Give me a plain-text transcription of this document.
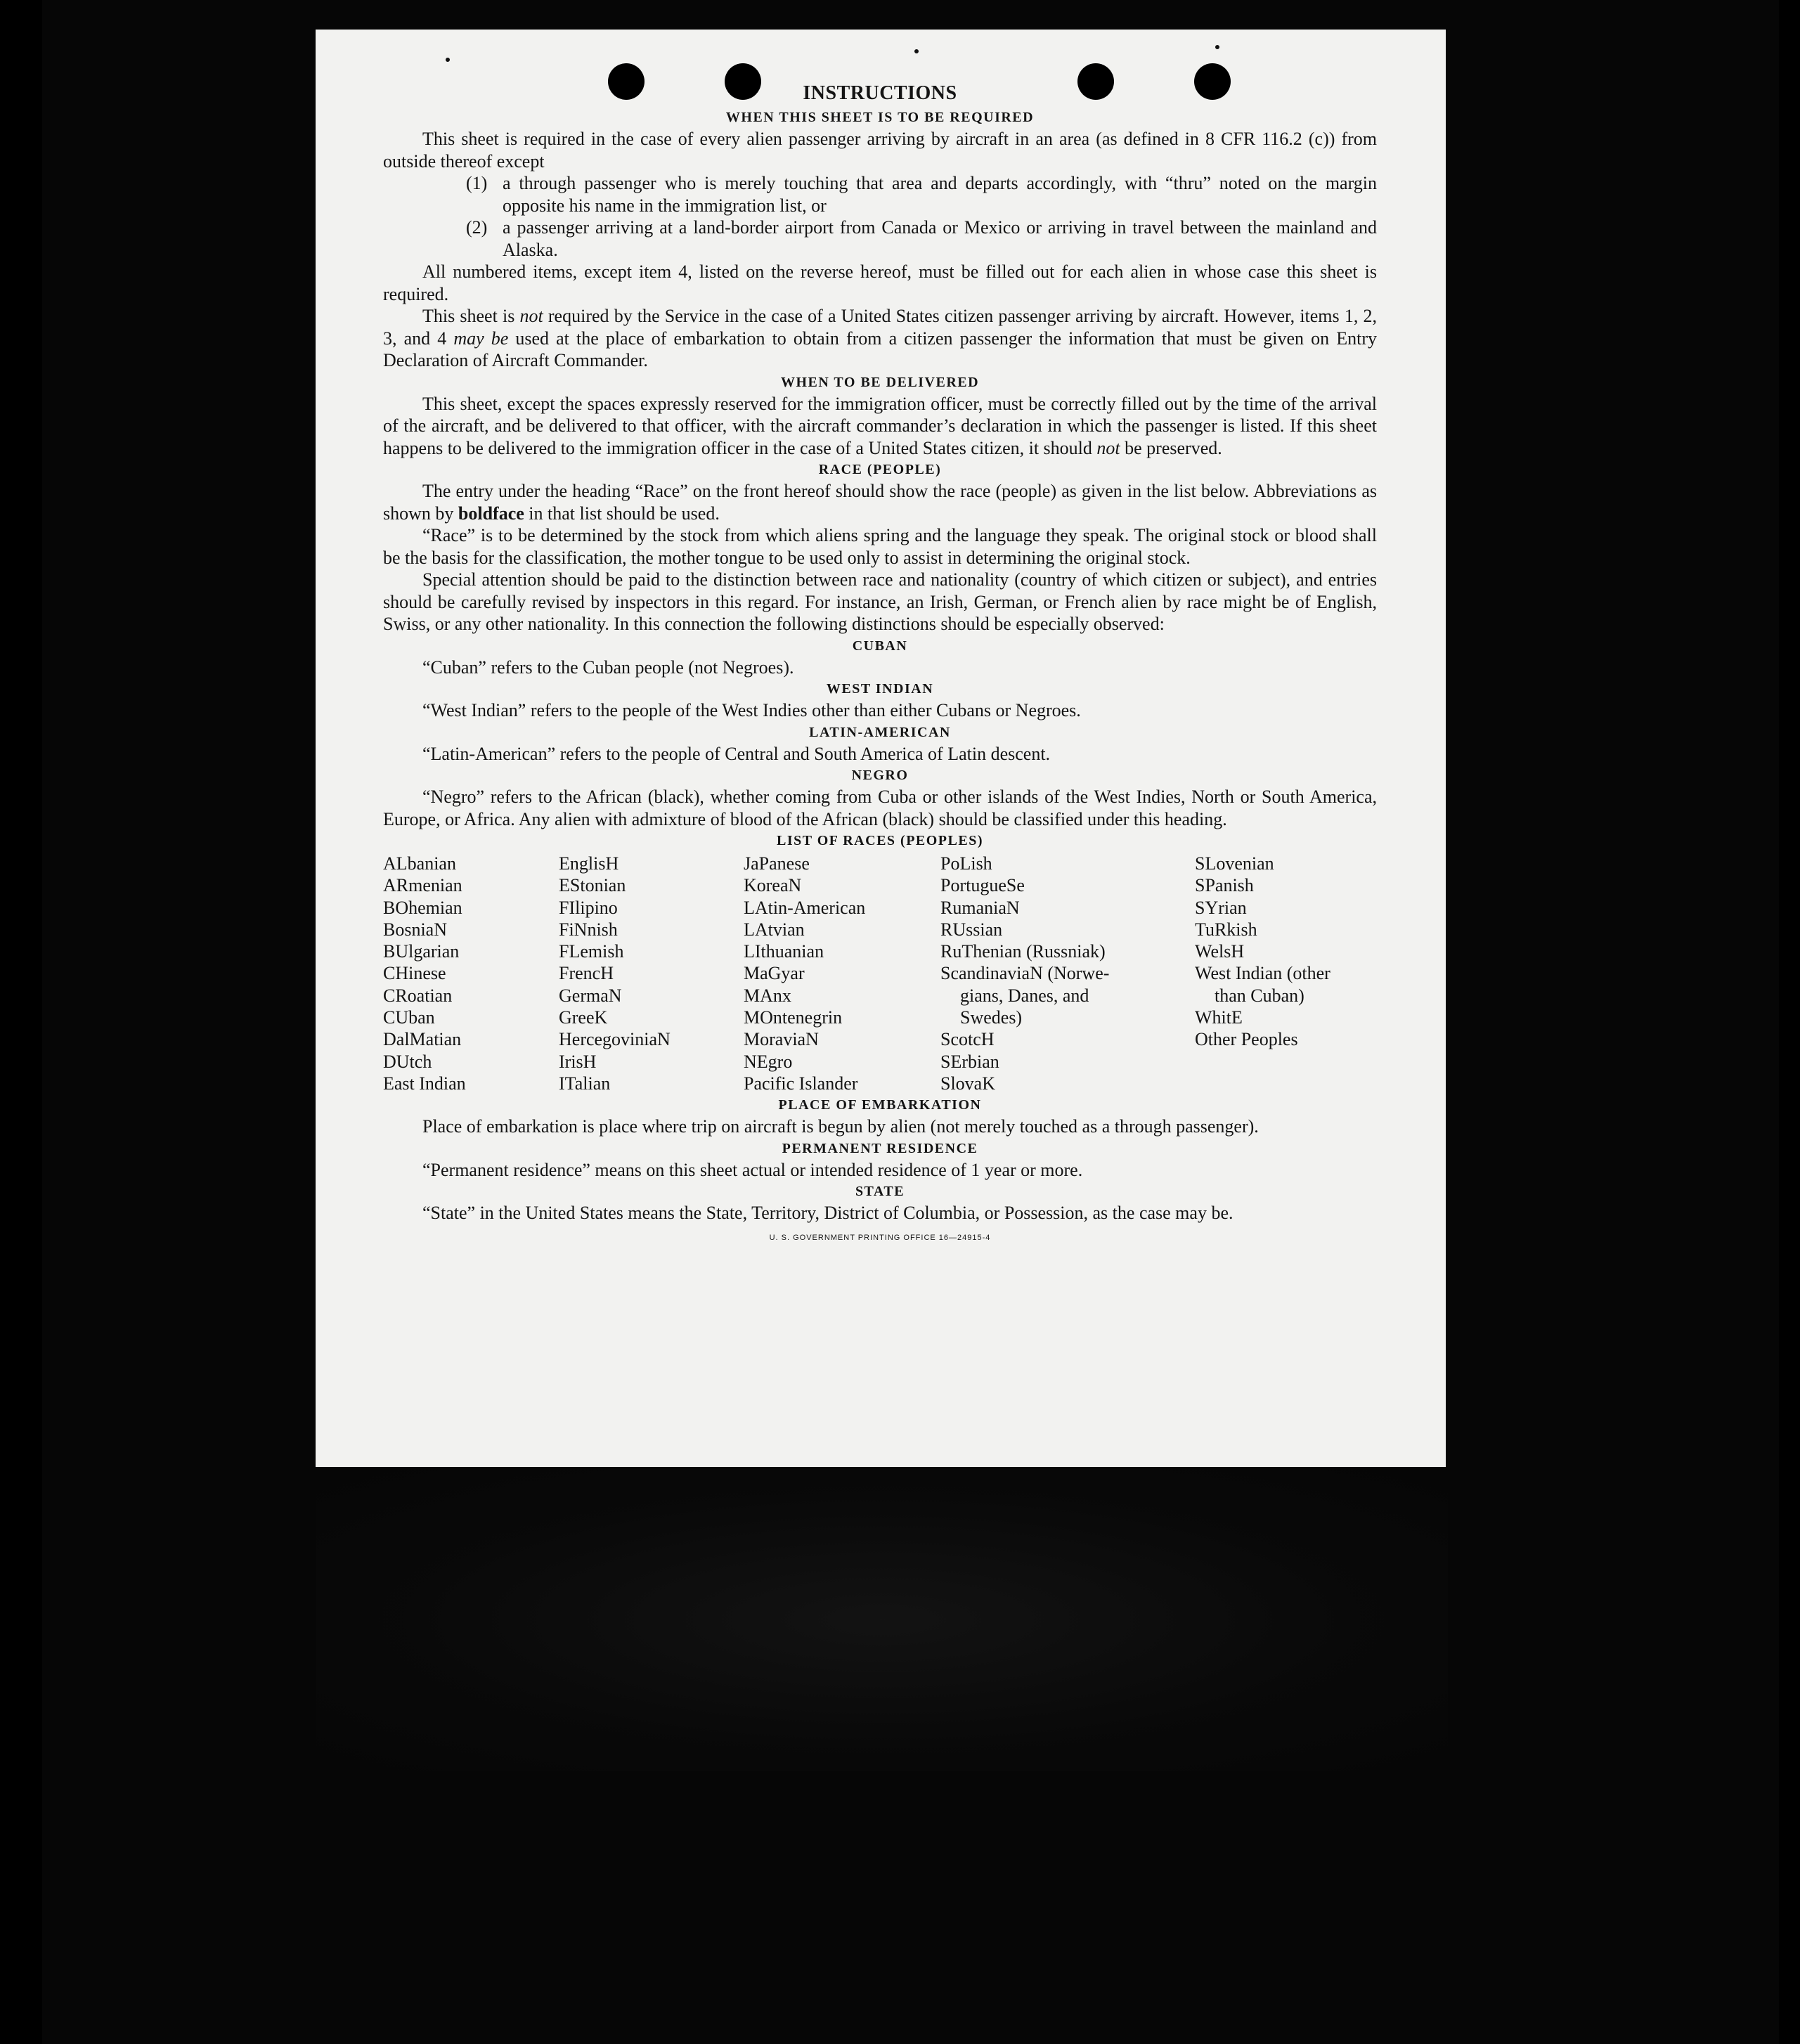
INSTRUCTIONS
WHEN THIS SHEET IS TO BE REQUIRED

This sheet is required in the case of every alien passenger arriving by aircraft in an area (as defined in 8 CFR 116.2 (c)) from outside thereof except

(1) a through passenger who is merely touching that area and departs accordingly, with “thru” noted on the margin opposite his name in the immigration list, or
(2) a passenger arriving at a land-border airport from Canada or Mexico or arriving in travel between the mainland and Alaska.

All numbered items, except item 4, listed on the reverse hereof, must be filled out for each alien in whose case this sheet is required.

This sheet is not required by the Service in the case of a United States citizen passenger arriving by aircraft. However, items 1, 2, 3, and 4 may be used at the place of embarkation to obtain from a citizen passenger the information that must be given on Entry Declaration of Aircraft Commander.

WHEN TO BE DELIVERED

This sheet, except the spaces expressly reserved for the immigration officer, must be correctly filled out by the time of the arrival of the aircraft, and be delivered to that officer, with the aircraft commander’s declaration in which the passenger is listed. If this sheet happens to be delivered to the immigration officer in the case of a United States citizen, it should not be preserved.

RACE (PEOPLE)

The entry under the heading “Race” on the front hereof should show the race (people) as given in the list below. Abbreviations as shown by boldface in that list should be used.

“Race” is to be determined by the stock from which aliens spring and the language they speak. The original stock or blood shall be the basis for the classification, the mother tongue to be used only to assist in determining the original stock.

Special attention should be paid to the distinction between race and nationality (country of which citizen or subject), and entries should be carefully revised by inspectors in this regard. For instance, an Irish, German, or French alien by race might be of English, Swiss, or any other nationality. In this connection the following distinctions should be especially observed:

CUBAN

“Cuban” refers to the Cuban people (not Negroes).

WEST INDIAN

“West Indian” refers to the people of the West Indies other than either Cubans or Negroes.

LATIN-AMERICAN

“Latin-American” refers to the people of Central and South America of Latin descent.

NEGRO

“Negro” refers to the African (black), whether coming from Cuba or other islands of the West Indies, North or South America, Europe, or Africa. Any alien with admixture of blood of the African (black) should be classified under this heading.

LIST OF RACES (PEOPLES)
ALbanian
ARmenian
BOhemian
BosniaN
BUlgarian
CHinese
CRoatian
CUban
DalMatian
DUtch
East Indian
EnglisH
EStonian
FIlipino
FiNnish
FLemish
FrencH
GermaN
GreeK
HercegovinіaN
IrisH
ITalian
JaPanese
KoreaN
LAtin-American
LAtvian
LIthuanian
MaGyar
MAnx
MOntenegrin
MoraviaN
NEgro
Pacific Islander
PoLish
PortugueSe
RumaniaN
RUssian
RuThenian (Russniak)
ScandinaviaN (Norwe-
gians, Danes, and
Swedes)
ScotcH
SErbian
SlovaK
SLovenian
SPanish
SYrian
TuRkish
WelsH
West Indian (other
than Cuban)
WhitE
Other Peoples
PLACE OF EMBARKATION

Place of embarkation is place where trip on aircraft is begun by alien (not merely touched as a through passenger).

PERMANENT RESIDENCE

“Permanent residence” means on this sheet actual or intended residence of 1 year or more.

STATE

“State” in the United States means the State, Territory, District of Columbia, or Possession, as the case may be.

U. S. GOVERNMENT PRINTING OFFICE 16—24915-4
